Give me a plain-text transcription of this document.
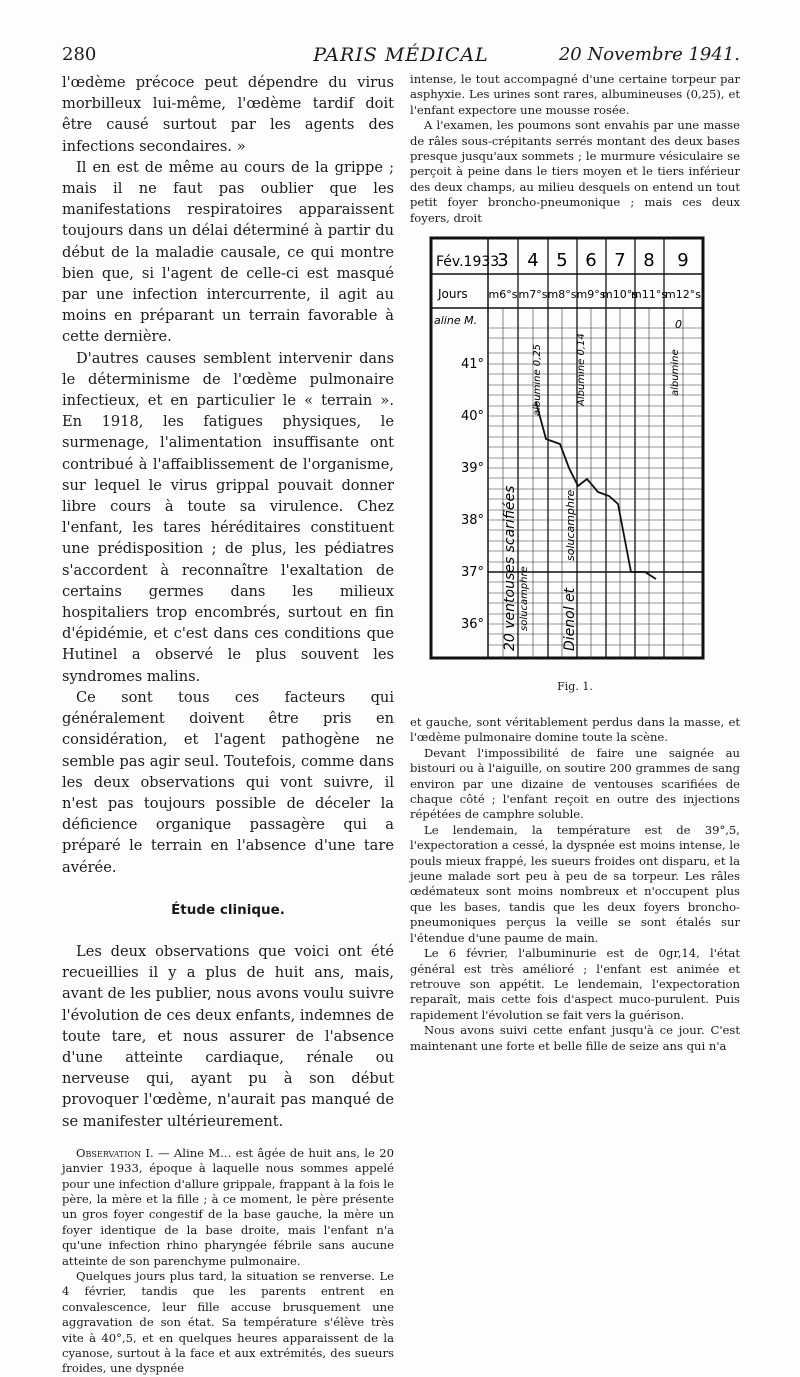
280	PARIS MÉDICAL	20 Novembre 1941.

l'œdème précoce peut dépendre du virus morbilleux lui-même, l'œdème tardif doit être causé surtout par les agents des infections secondaires. »

Il en est de même au cours de la grippe ; mais il ne faut pas oublier que les manifestations respiratoires apparaissent toujours dans un délai déterminé à partir du début de la maladie causale, ce qui montre bien que, si l'agent de celle-ci est masqué par une infection intercurrente, il agit au moins en préparant un terrain favorable à cette dernière.

D'autres causes semblent intervenir dans le déterminisme de l'œdème pulmonaire infectieux, et en particulier le « terrain ». En 1918, les fatigues physiques, le surmenage, l'alimentation insuffisante ont contribué à l'affaiblissement de l'organisme, sur lequel le virus grippal pouvait donner libre cours à toute sa virulence. Chez l'enfant, les tares héréditaires constituent une prédisposition ; de plus, les pédiatres s'accordent à reconnaître l'exaltation de certains germes dans les milieux hospitaliers trop encombrés, surtout en fin d'épidémie, et c'est dans ces conditions que Hutinel a observé le plus souvent les syndromes malins.

Ce sont tous ces facteurs qui généralement doivent être pris en considération, et l'agent pathogène ne semble pas agir seul. Toutefois, comme dans les deux observations qui vont suivre, il n'est pas toujours possible de déceler la déficience organique passagère qui a préparé le terrain en l'absence d'une tare avérée.

Étude clinique.

Les deux observations que voici ont été recueillies il y a plus de huit ans, mais, avant de les publier, nous avons voulu suivre l'évolution de ces deux enfants, indemnes de toute tare, et nous assurer de l'absence d'une atteinte cardiaque, rénale ou nerveuse qui, ayant pu à son début provoquer l'œdème, n'aurait pas manqué de se manifester ultérieurement.

Observation I. — Aline M... est âgée de huit ans, le 20 janvier 1933, époque à laquelle nous sommes appelé pour une infection d'allure grippale, frappant à la fois le père, la mère et la fille ; à ce moment, le père présente un gros foyer congestif de la base gauche, la mère un foyer identique de la base droite, mais l'enfant n'a qu'une infection rhino pharyngée fébrile sans aucune atteinte de son parenchyme pulmonaire.

Quelques jours plus tard, la situation se renverse. Le 4 février, tandis que les parents entrent en convalescence, leur fille accuse brusquement une aggravation de son état. Sa température s'élève très vite à 40°,5, et en quelques heures apparaissent de la cyanose, surtout à la face et aux extrémités, des sueurs froides, une dyspnée

intense, le tout accompagné d'une certaine torpeur par asphyxie. Les urines sont rares, albumineuses (0,25), et l'enfant expectore une mousse rosée.

A l'examen, les poumons sont envahis par une masse de râles sous-crépitants serrés montant des deux bases presque jusqu'aux sommets ; le murmure vésiculaire se perçoit à peine dans le tiers moyen et le tiers inférieur des deux champs, au milieu desquels on entend un tout petit foyer broncho-pneumonique ; mais ces deux foyers, droit

Fév.1933
3 4 5 6 7 8 9
Jours m6°s m7°s m8°s m9°s
m10°s
m11°s
m12°s
aline M.
41°
40°
39°
38°
37°
36°
albumine 0,25	Albumine 0,14	albumine
0
20 ventouses scarifiées solucamphre Dienol et
solucamphre
Fig. 1.

et gauche, sont véritablement perdus dans la masse, et l'œdème pulmonaire domine toute la scène.

Devant l'impossibilité de faire une saignée au bistouri ou à l'aiguille, on soutire 200 grammes de sang environ par une dizaine de ventouses scarifiées de chaque côté ; l'enfant reçoit en outre des injections répétées de camphre soluble.

Le lendemain, la température est de 39°,5, l'expectoration a cessé, la dyspnée est moins intense, le pouls mieux frappé, les sueurs froides ont disparu, et la jeune malade sort peu à peu de sa torpeur. Les râles œdémateux sont moins nombreux et n'occupent plus que les bases, tandis que les deux foyers broncho-pneumoniques perçus la veille se sont étalés sur l'étendue d'une paume de main.

Le 6 février, l'albuminurie est de 0gr,14, l'état général est très amélioré ; l'enfant est animée et retrouve son appétit. Le lendemain, l'expectoration reparaît, mais cette fois d'aspect muco-purulent. Puis rapidement l'évolution se fait vers la guérison.

Nous avons suivi cette enfant jusqu'à ce jour. C'est maintenant une forte et belle fille de seize ans qui n'a
